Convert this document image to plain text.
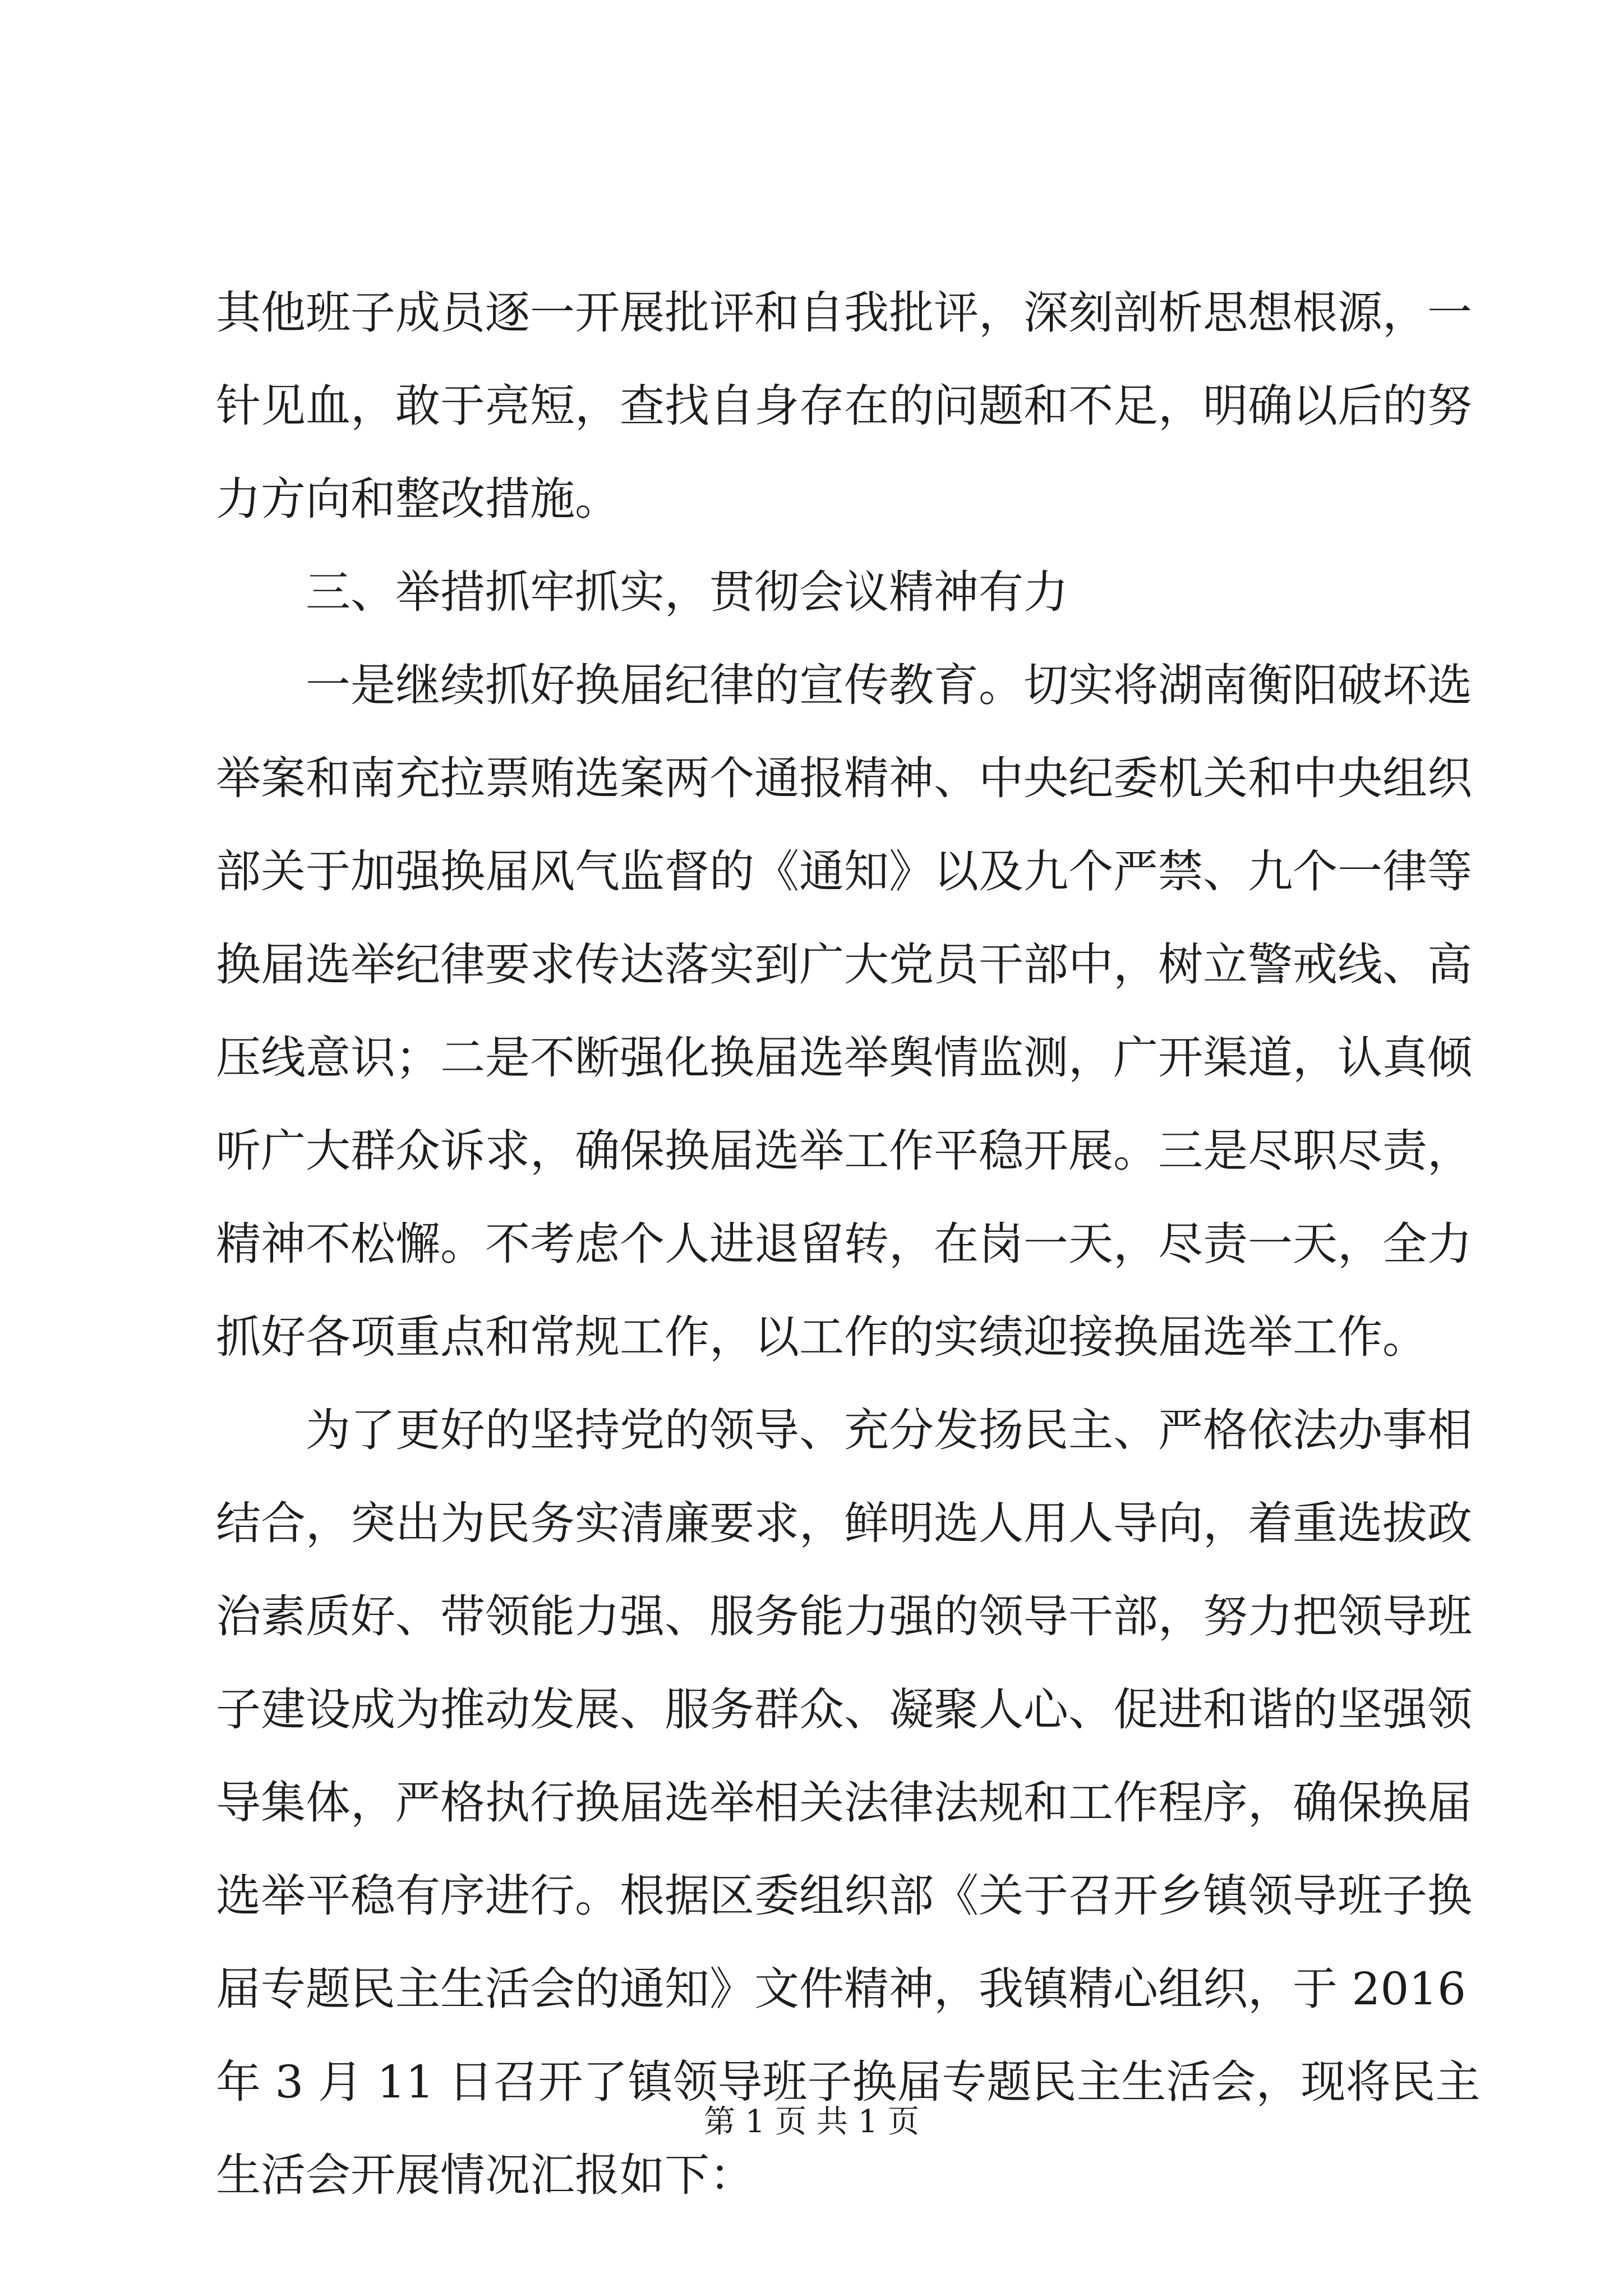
其他班子成员逐一开展批评和自我批评，深刻剖析思想根源，一
针见血，敢于亮短，查找自身存在的问题和不足，明确以后的努
力方向和整改措施。
三、举措抓牢抓实，贯彻会议精神有力
一是继续抓好换届纪律的宣传教育。切实将湖南衡阳破坏选
举案和南充拉票贿选案两个通报精神、中央纪委机关和中央组织
部关于加强换届风气监督的《通知》以及九个严禁、九个一律等
换届选举纪律要求传达落实到广大党员干部中，树立警戒线、高
压线意识；二是不断强化换届选举舆情监测，广开渠道，认真倾
听广大群众诉求，确保换届选举工作平稳开展。三是尽职尽责，
精神不松懈。不考虑个人进退留转，在岗一天，尽责一天，全力
抓好各项重点和常规工作，以工作的实绩迎接换届选举工作。
为了更好的坚持党的领导、充分发扬民主、严格依法办事相
结合，突出为民务实清廉要求，鲜明选人用人导向，着重选拔政
治素质好、带领能力强、服务能力强的领导干部，努力把领导班
子建设成为推动发展、服务群众、凝聚人心、促进和谐的坚强领
导集体，严格执行换届选举相关法律法规和工作程序，确保换届
选举平稳有序进行。根据区委组织部《关于召开乡镇领导班子换
届专题民主生活会的通知》文件精神，我镇精心组织，于 2016
年 3 月 11 日召开了镇领导班子换届专题民主生活会，现将民主
生活会开展情况汇报如下：
第 1 页 共 1 页
